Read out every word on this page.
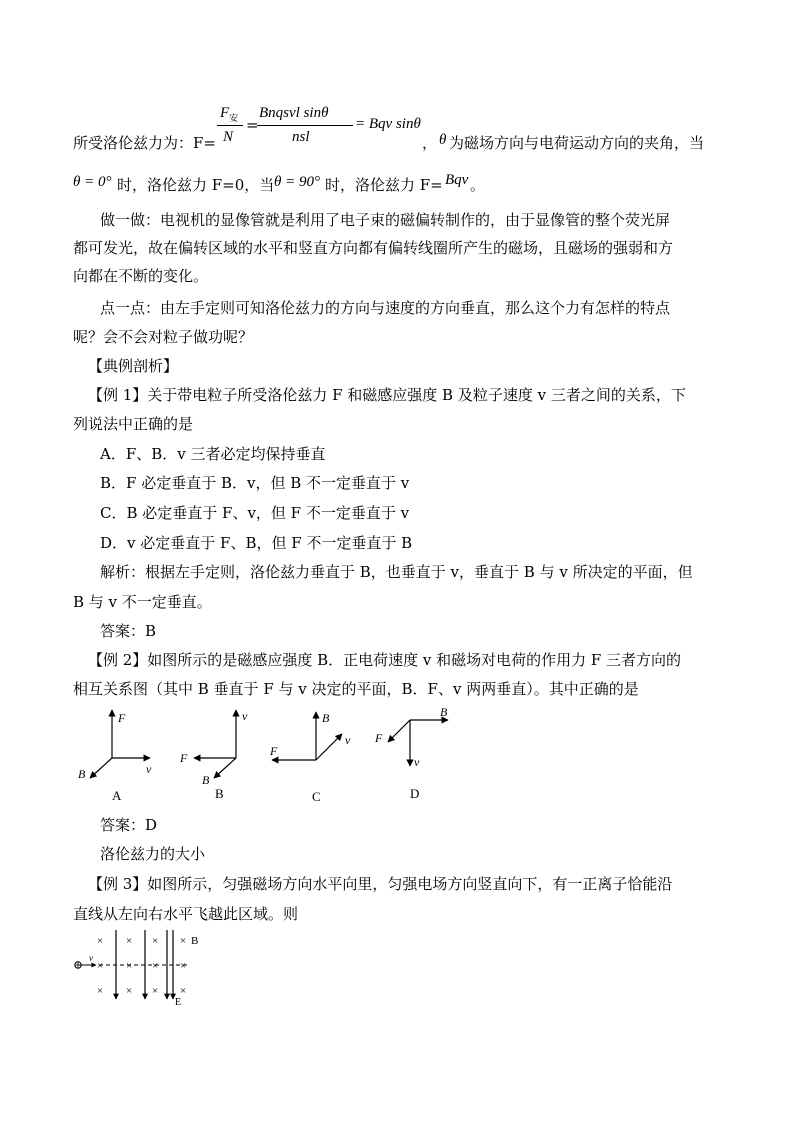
所受洛伦兹力为：F=
$F_安$
N
=
Bnqsvl sinθ
nsl
= Bqv sinθ
， θ 为磁场方向与电荷运动方向的夹角，当
θ = 0° 时，洛伦兹力 F=0，当 θ = 90° 时，洛伦兹力 F= Bqv 。
做一做：电视机的显像管就是利用了电子束的磁偏转制作的，由于显像管的整个荧光屏
都可发光，故在偏转区域的水平和竖直方向都有偏转线圈所产生的磁场，且磁场的强弱和方
向都在不断的变化。
点一点：由左手定则可知洛伦兹力的方向与速度的方向垂直，那么这个力有怎样的特点
呢？会不会对粒子做功呢？
【典例剖析】
【例 1】关于带电粒子所受洛伦兹力 F 和磁感应强度 B 及粒子速度 v 三者之间的关系，下
列说法中正确的是
A．F、B．v 三者必定均保持垂直
B．F 必定垂直于 B．v，但 B 不一定垂直于 v
C．B 必定垂直于 F、v，但 F 不一定垂直于 v
D．v 必定垂直于 F、B，但 F 不一定垂直于 B
解析：根据左手定则，洛伦兹力垂直于 B，也垂直于 v，垂直于 B 与 v 所决定的平面，但
B 与 v 不一定垂直。
答案：B
【例 2】如图所示的是磁感应强度 B．正电荷速度 v 和磁场对电荷的作用力 F 三者方向的
相互关系图（其中 B 垂直于 F 与 v 决定的平面，B．F、v 两两垂直）。其中正确的是
F
v
B
A
v
F
B
B
B
F
v
C
B
v
F
D
答案：D
洛伦兹力的大小
【例 3】如图所示，匀强磁场方向水平向里，匀强电场方向竖直向下，有一正离子恰能沿
直线从左向右水平飞越此区域。则
v
× × × × B
× × × ×
× × × ×
E
